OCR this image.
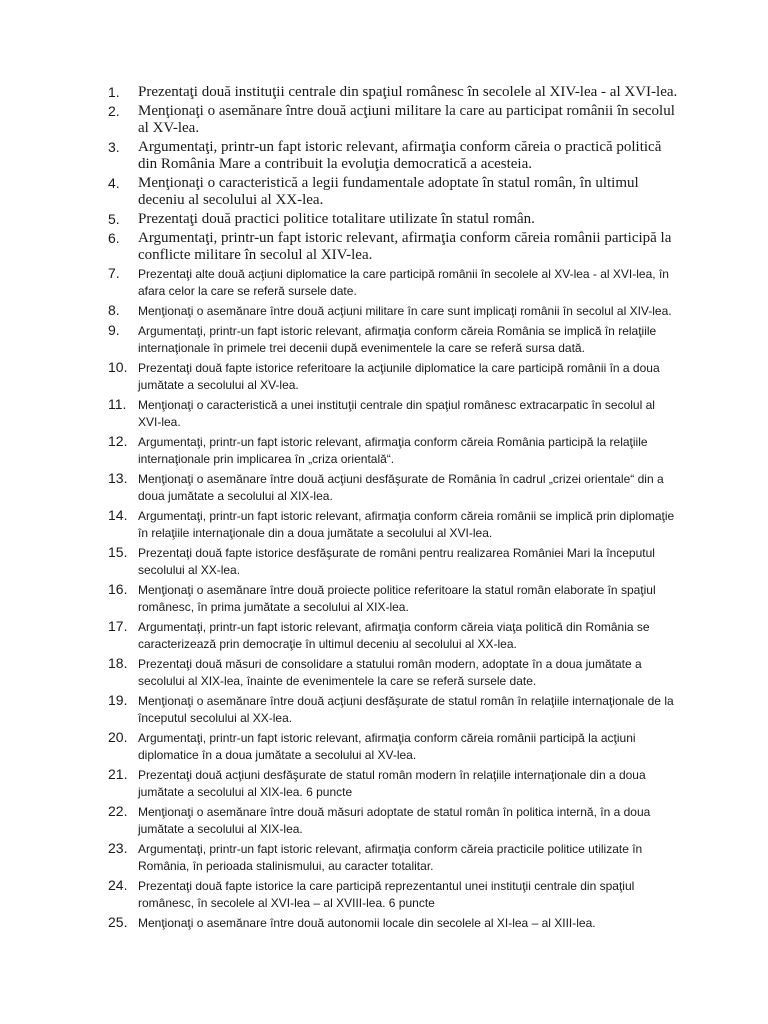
1. Prezentaţi două instituţii centrale din spaţiul românesc în secolele al XIV-lea - al XVI-lea.
2. Menţionaţi o asemănare între două acţiuni militare la care au participat românii în secolul al XV-lea.
3. Argumentaţi, printr-un fapt istoric relevant, afirmaţia conform căreia o practică politică din România Mare a contribuit la evoluţia democratică a acesteia.
4. Menţionaţi o caracteristică a legii fundamentale adoptate în statul român, în ultimul deceniu al secolului al XX-lea.
5. Prezentaţi două practici politice totalitare utilizate în statul român.
6. Argumentaţi, printr-un fapt istoric relevant, afirmaţia conform căreia românii participă la conflicte militare în secolul al XIV-lea.
7. Prezentaţi alte două acţiuni diplomatice la care participă românii în secolele al XV-lea - al XVI-lea, în afara celor la care se referă sursele date.
8. Menţionaţi o asemănare între două acţiuni militare în care sunt implicaţi românii în secolul al XIV-lea.
9. Argumentaţi, printr-un fapt istoric relevant, afirmaţia conform căreia România se implică în relaţiile internaţionale în primele trei decenii după evenimentele la care se referă sursa dată.
10. Prezentaţi două fapte istorice referitoare la acţiunile diplomatice la care participă românii în a doua jumătate a secolului al XV-lea.
11. Menţionaţi o caracteristică a unei instituţii centrale din spaţiul românesc extracarpatic în secolul al XVI-lea.
12. Argumentaţi, printr-un fapt istoric relevant, afirmaţia conform căreia România participă la relaţiile internaţionale prin implicarea în „criza orientală“.
13. Menţionaţi o asemănare între două acţiuni desfăşurate de România în cadrul „crizei orientale“ din a doua jumătate a secolului al XIX-lea.
14. Argumentaţi, printr-un fapt istoric relevant, afirmaţia conform căreia românii se implică prin diplomaţie în relaţiile internaţionale din a doua jumătate a secolului al XVI-lea.
15. Prezentaţi două fapte istorice desfăşurate de români pentru realizarea României Mari la începutul secolului al XX-lea.
16. Menţionaţi o asemănare între două proiecte politice referitoare la statul român elaborate în spaţiul românesc, în prima jumătate a secolului al XIX-lea.
17. Argumentaţi, printr-un fapt istoric relevant, afirmaţia conform căreia viaţa politică din România se caracterizează prin democraţie în ultimul deceniu al secolului al XX-lea.
18. Prezentaţi două măsuri de consolidare a statului român modern, adoptate în a doua jumătate a secolului al XIX-lea, înainte de evenimentele la care se referă sursele date.
19. Menţionaţi o asemănare între două acţiuni desfăşurate de statul român în relaţiile internaţionale de la începutul secolului al XX-lea.
20. Argumentaţi, printr-un fapt istoric relevant, afirmaţia conform căreia românii participă la acţiuni diplomatice în a doua jumătate a secolului al XV-lea.
21. Prezentaţi două acţiuni desfăşurate de statul român modern în relaţiile internaţionale din a doua jumătate a secolului al XIX-lea. 6 puncte
22. Menţionaţi o asemănare între două măsuri adoptate de statul român în politica internă, în a doua jumătate a secolului al XIX-lea.
23. Argumentaţi, printr-un fapt istoric relevant, afirmaţia conform căreia practicile politice utilizate în România, în perioada stalinismului, au caracter totalitar.
24. Prezentaţi două fapte istorice la care participă reprezentantul unei instituţii centrale din spaţiul românesc, în secolele al XVI-lea – al XVIII-lea. 6 puncte
25. Menţionaţi o asemănare între două autonomii locale din secolele al XI-lea – al XIII-lea.
